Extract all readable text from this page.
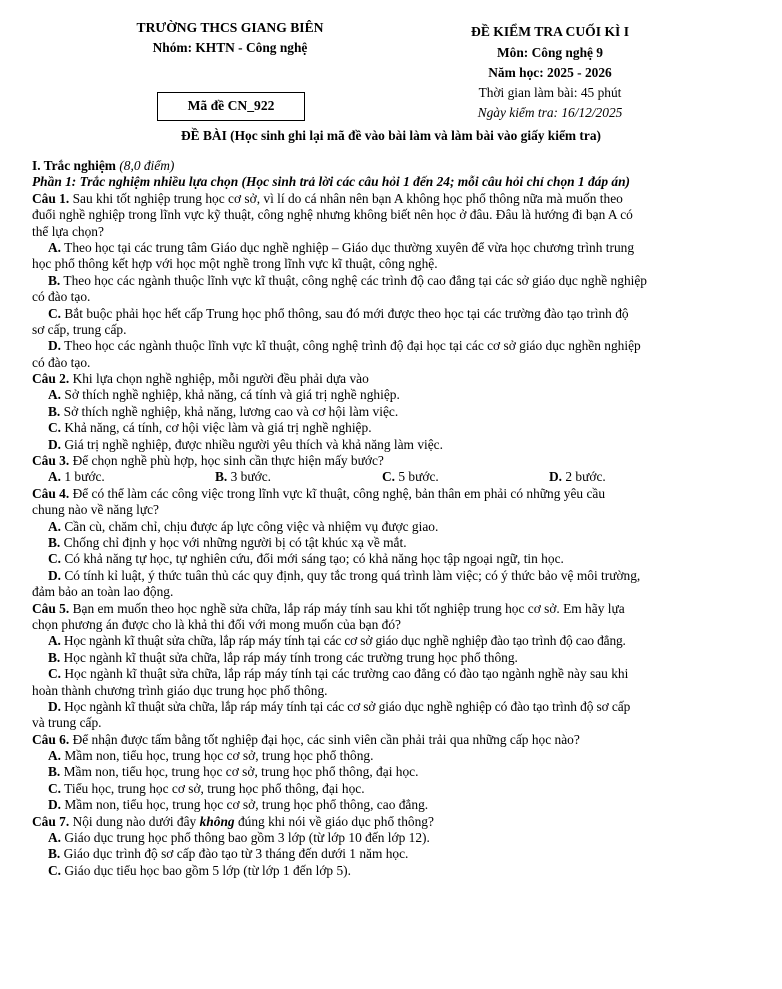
TRƯỜNG THCS GIANG BIÊN
Nhóm: KHTN - Công nghệ
ĐỀ KIỂM TRA CUỐI KÌ I
Môn: Công nghệ 9
Năm học: 2025 - 2026
Thời gian làm bài: 45 phút
Ngày kiểm tra: 16/12/2025
Mã đề CN_922
ĐỀ BÀI (Học sinh ghi lại mã đề vào bài làm và làm bài vào giấy kiểm tra)
I. Trắc nghiệm (8,0 điểm)
Phần 1: Trắc nghiệm nhiều lựa chọn (Học sinh trả lời các câu hỏi 1 đến 24; mỗi câu hỏi chỉ chọn 1 đáp án)
Câu 1. Sau khi tốt nghiệp trung học cơ sở, vì lí do cá nhân nên bạn A không học phổ thông nữa mà muốn theo
đuổi nghề nghiệp trong lĩnh vực kỹ thuật, công nghệ nhưng không biết nên học ở đâu. Đâu là hướng đi bạn A có
thể lựa chọn?
A. Theo học tại các trung tâm Giáo dục nghề nghiệp – Giáo dục thường xuyên để vừa học chương trình trung
học phổ thông kết hợp với học một nghề trong lĩnh vực kĩ thuật, công nghệ.
B. Theo học các ngành thuộc lĩnh vực kĩ thuật, công nghệ các trình độ cao đẳng tại các sở giáo dục nghề nghiệp
có đào tạo.
C. Bắt buộc phải học hết cấp Trung học phổ thông, sau đó mới được theo học tại các trường đào tạo trình độ
sơ cấp, trung cấp.
D. Theo học các ngành thuộc lĩnh vực kĩ thuật, công nghệ trình độ đại học tại các cơ sở giáo dục nghền nghiệp
có đào tạo.
Câu 2. Khi lựa chọn nghề nghiệp, mỗi người đều phải dựa vào
A. Sở thích nghề nghiệp, khả năng, cá tính và giá trị nghề nghiệp.
B. Sở thích nghề nghiệp, khả năng, lương cao và cơ hội làm việc.
C. Khả năng, cá tính, cơ hội việc làm và giá trị nghề nghiệp.
D. Giá trị nghề nghiệp, được nhiều người yêu thích và khả năng làm việc.
Câu 3. Để chọn nghề phù hợp, học sinh cần thực hiện mấy bước?
A. 1 bước.	B. 3 bước.	C. 5 bước.	D. 2 bước.
Câu 4. Để có thể làm các công việc trong lĩnh vực kĩ thuật, công nghệ, bản thân em phải có những yêu cầu
chung nào về năng lực?
A. Cần cù, chăm chỉ, chịu được áp lực công việc và nhiệm vụ được giao.
B. Chống chỉ định y học với những người bị có tật khúc xạ về mắt.
C. Có khả năng tự học, tự nghiên cứu, đổi mới sáng tạo; có khả năng học tập ngoại ngữ, tin học.
D. Có tính kỉ luật, ý thức tuân thủ các quy định, quy tắc trong quá trình làm việc; có ý thức bảo vệ môi trường,
đảm bảo an toàn lao động.
Câu 5. Bạn em muốn theo học nghề sửa chữa, lắp ráp máy tính sau khi tốt nghiệp trung học cơ sở. Em hãy lựa
chọn phương án được cho là khả thi đối với mong muốn của bạn đó?
A. Học ngành kĩ thuật sửa chữa, lắp ráp máy tính tại các cơ sở giáo dục nghề nghiệp đào tạo trình độ cao đẳng.
B. Học ngành kĩ thuật sửa chữa, lắp ráp máy tính trong các trường trung học phổ thông.
C. Học ngành kĩ thuật sửa chữa, lắp ráp máy tính tại các trường cao đẳng có đào tạo ngành nghề này sau khi
hoàn thành chương trình giáo dục trung học phổ thông.
D. Học ngành kĩ thuật sửa chữa, lắp ráp máy tính tại các cơ sở giáo dục nghề nghiệp có đào tạo trình độ sơ cấp
và trung cấp.
Câu 6. Để nhận được tấm bằng tốt nghiệp đại học, các sinh viên cần phải trải qua những cấp học nào?
A. Mầm non, tiểu học, trung học cơ sở, trung học phổ thông.
B. Mầm non, tiểu học, trung học cơ sở, trung học phổ thông, đại học.
C. Tiểu học, trung học cơ sở, trung học phổ thông, đại học.
D. Mầm non, tiểu học, trung học cơ sở, trung học phổ thông, cao đẳng.
Câu 7. Nội dung nào dưới đây không đúng khi nói về giáo dục phổ thông?
A. Giáo dục trung học phổ thông bao gồm 3 lớp (từ lớp 10 đến lớp 12).
B. Giáo dục trình độ sơ cấp đào tạo từ 3 tháng đến dưới 1 năm học.
C. Giáo dục tiểu học bao gồm 5 lớp (từ lớp 1 đến lớp 5).
